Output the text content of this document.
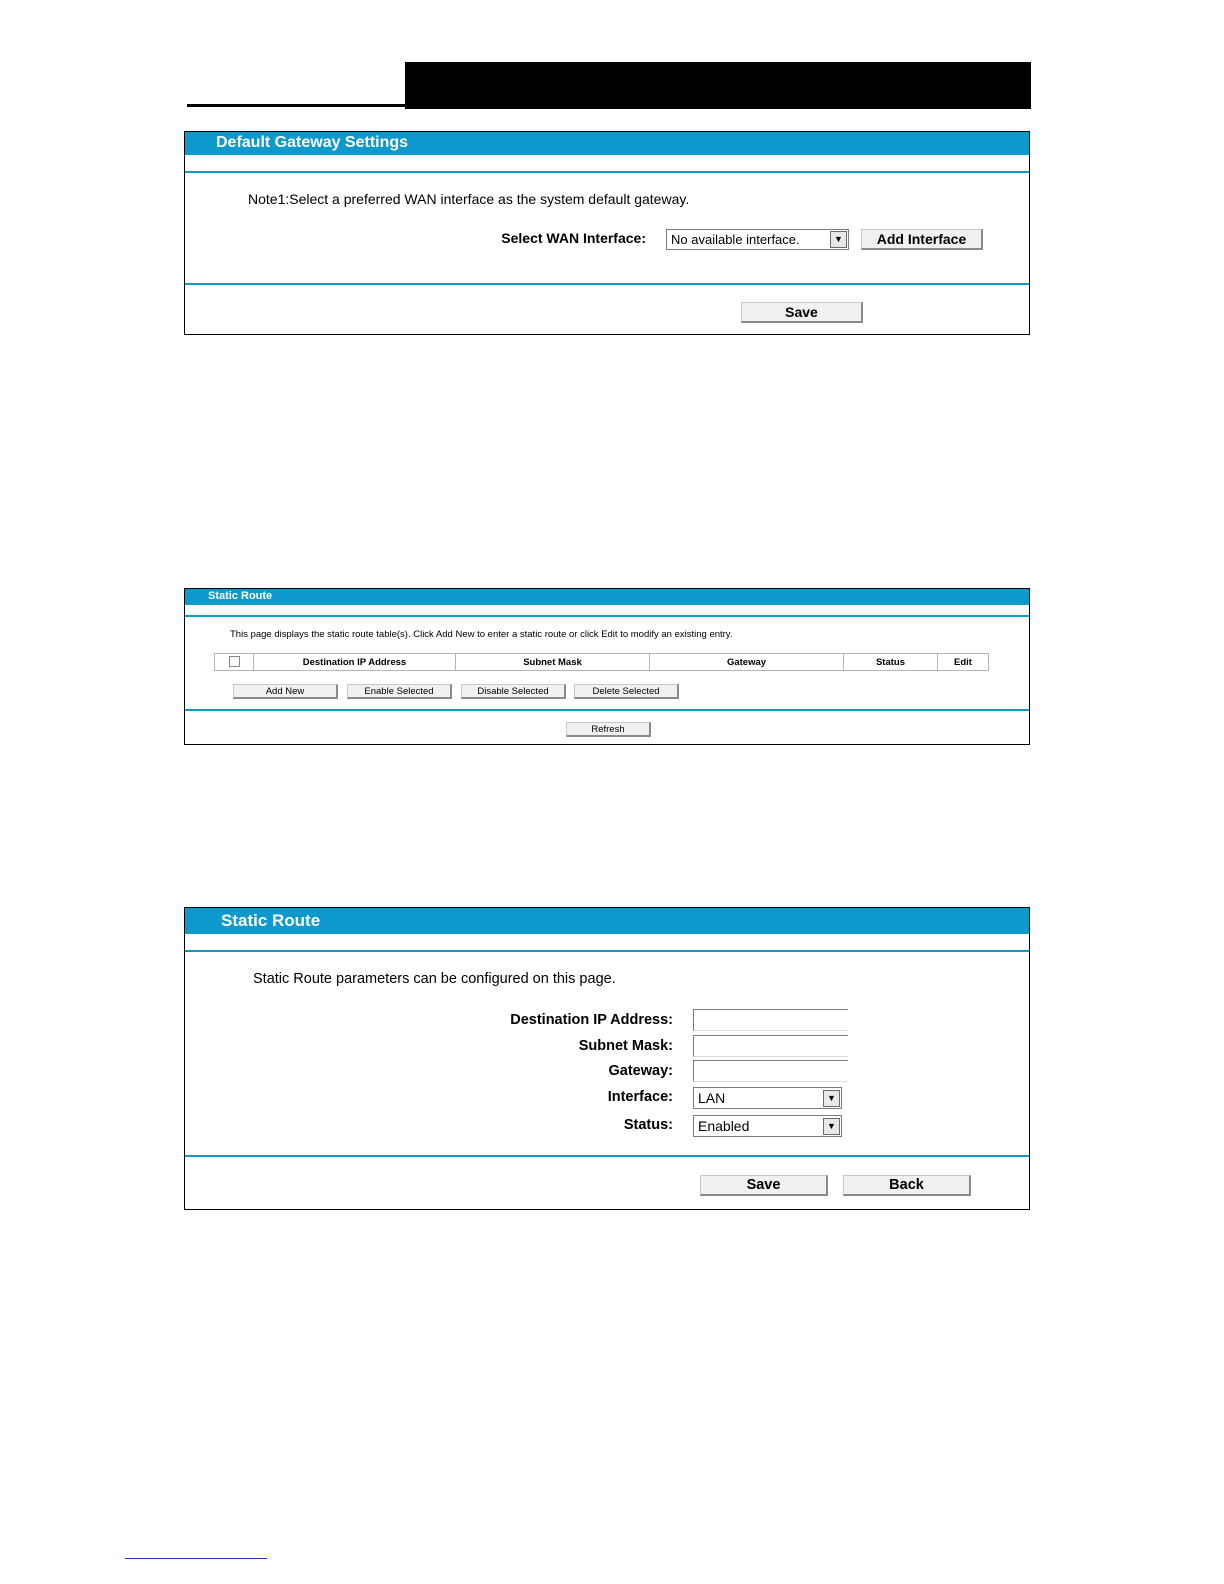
Default Gateway Settings
Note1:Select a preferred WAN interface as the system default gateway.
Select WAN Interface:	No available interface.	▼	Add Interface
Save
Static Route
This page displays the static route table(s). Click Add New to enter a static route or click Edit to modify an existing entry.
	Destination IP Address	Subnet Mask	Gateway	Status	Edit
Add New	Enable Selected	Disable Selected	Delete Selected
Refresh
Static Route
Static Route parameters can be configured on this page.
Destination IP Address:
Subnet Mask:
Gateway:
Interface: LAN	▼
Status: Enabled	▼
Save	Back
